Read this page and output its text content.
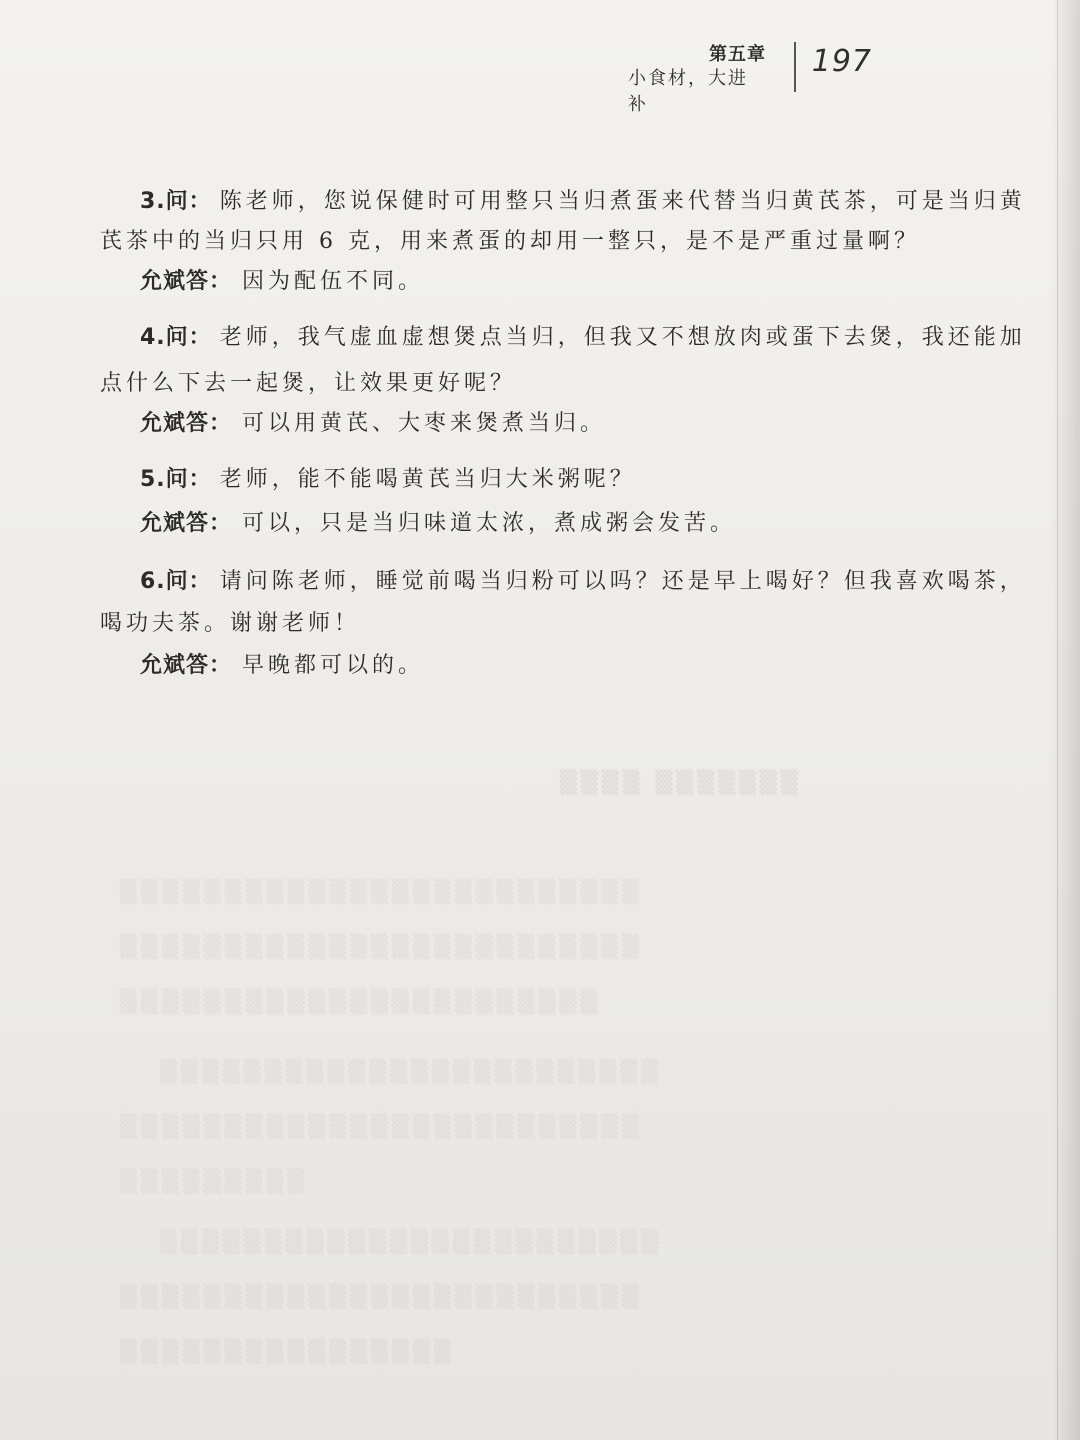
▒▒▒▒ ▒▒▒▒▒▒▒
▒▒▒▒▒▒▒▒▒▒▒▒▒▒▒▒▒▒▒▒▒▒▒▒▒
▒▒▒▒▒▒▒▒▒▒▒▒▒▒▒▒▒▒▒▒▒▒▒▒▒
▒▒▒▒▒▒▒▒▒▒▒▒▒▒▒▒▒▒▒▒▒▒▒
▒▒▒▒▒▒▒▒▒▒▒▒▒▒▒▒▒▒▒▒▒▒▒▒
▒▒▒▒▒▒▒▒▒▒▒▒▒▒▒▒▒▒▒▒▒▒▒▒▒
▒▒▒▒▒▒▒▒▒
▒▒▒▒▒▒▒▒▒▒▒▒▒▒▒▒▒▒▒▒▒▒▒▒
▒▒▒▒▒▒▒▒▒▒▒▒▒▒▒▒▒▒▒▒▒▒▒▒▒
▒▒▒▒▒▒▒▒▒▒▒▒▒▒▒▒
第五章
小食材，大进补
197
3.问： 陈老师，您说保健时可用整只当归煮蛋来代替当归黄芪茶，可是当归黄
芪茶中的当归只用 6 克，用来煮蛋的却用一整只，是不是严重过量啊？
允斌答： 因为配伍不同。
4.问： 老师，我气虚血虚想煲点当归，但我又不想放肉或蛋下去煲，我还能加
点什么下去一起煲，让效果更好呢？
允斌答： 可以用黄芪、大枣来煲煮当归。
5.问： 老师，能不能喝黄芪当归大米粥呢？
允斌答： 可以，只是当归味道太浓，煮成粥会发苦。
6.问： 请问陈老师，睡觉前喝当归粉可以吗？还是早上喝好？但我喜欢喝茶，
喝功夫茶。谢谢老师！
允斌答： 早晚都可以的。
